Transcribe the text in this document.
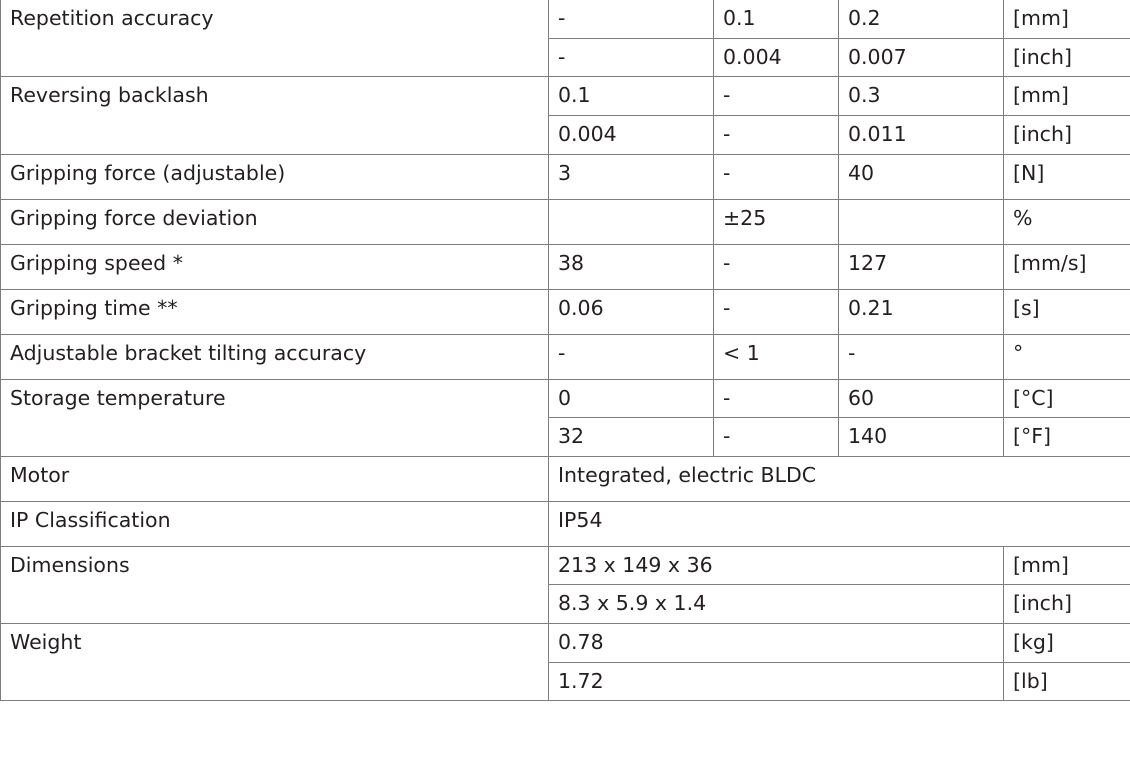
Repetition accuracy	-	0.1	0.2	[mm]
	-	0.004	0.007	[inch]
Reversing backlash	0.1	-	0.3	[mm]
	0.004	-	0.011	[inch]
Gripping force (adjustable)	3	-	40	[N]
Gripping force deviation		±25		%
Gripping speed *	38	-	127	[mm/s]
Gripping time **	0.06	-	0.21	[s]
Adjustable bracket tilting accuracy	-	< 1	-	°
Storage temperature	0	-	60	[°C]
	32	-	140	[°F]
Motor	Integrated, electric BLDC			
IP Classification	IP54			
Dimensions	213 x 149 x 36			[mm]
	8.3 x 5.9 x 1.4			[inch]
Weight	0.78			[kg]
	1.72			[lb]
